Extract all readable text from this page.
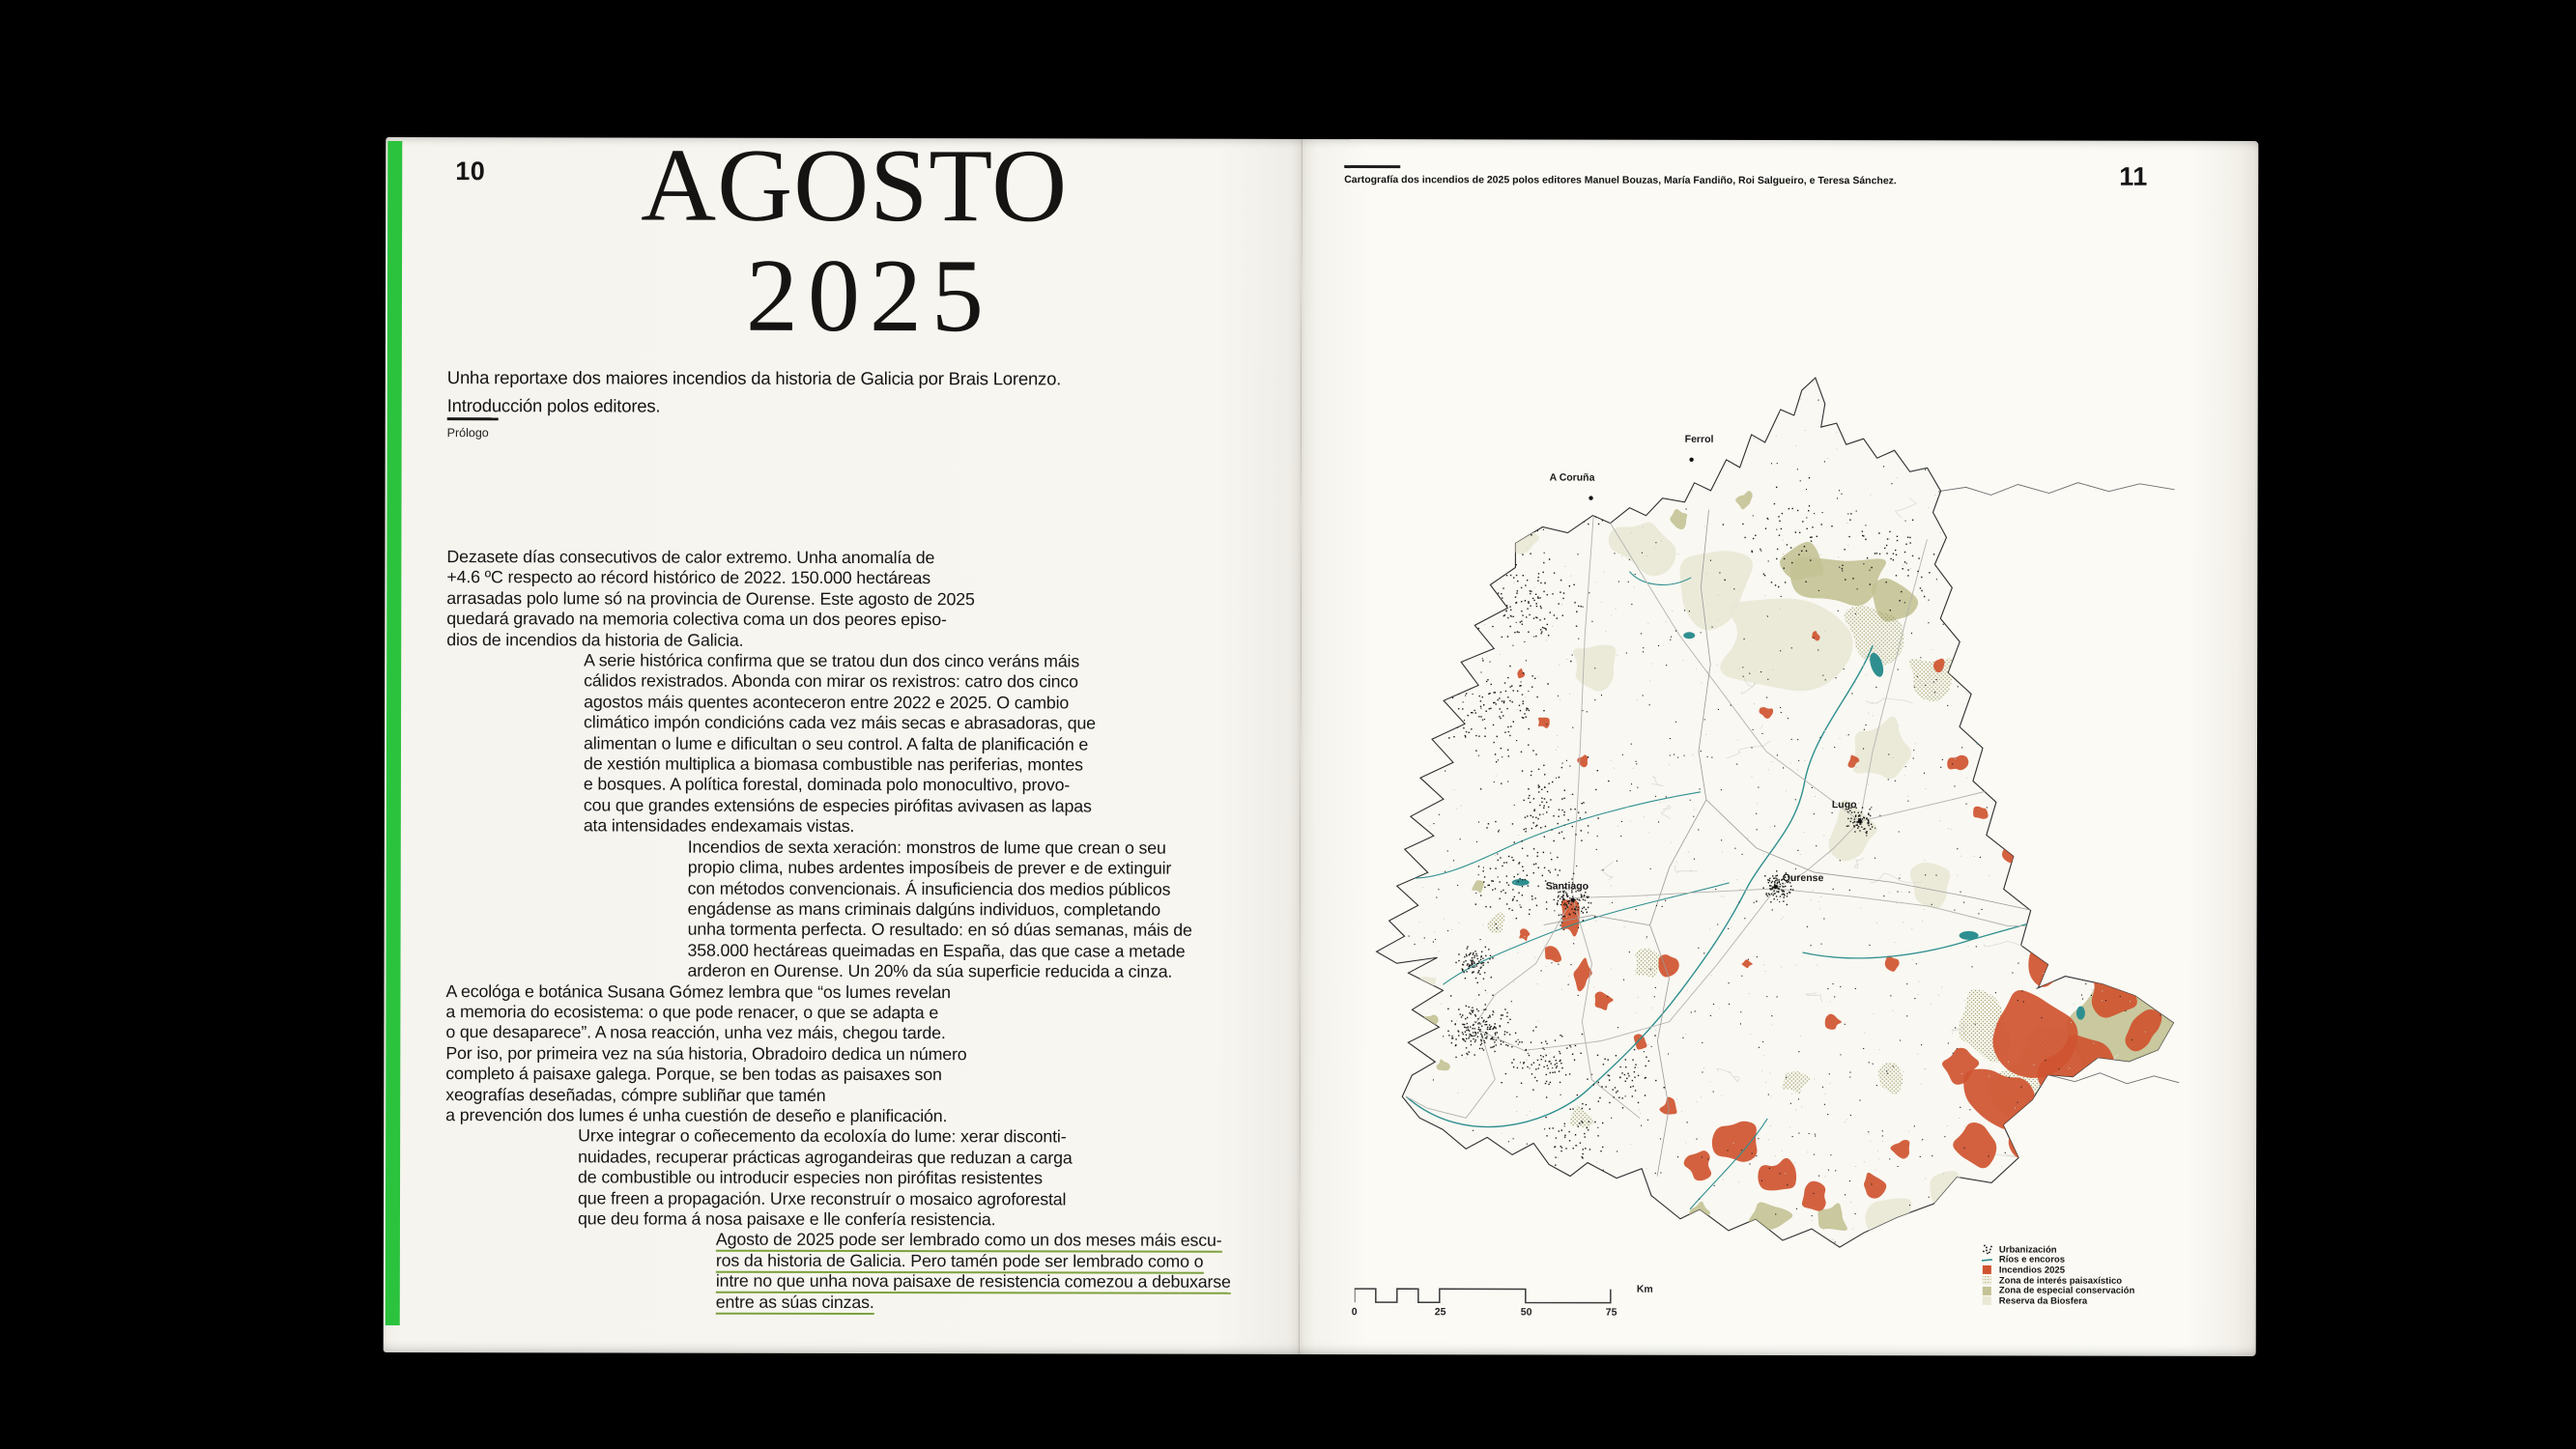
10	AGOSTO
2025
Unha reportaxe dos maiores incendios da historia de Galicia por Brais Lorenzo.
Introducción polos editores.
Prólogo
Dezasete días consecutivos de calor extremo. Unha anomalía de
+4.6 ºC respecto ao récord histórico de 2022. 150.000 hectáreas
arrasadas polo lume só na provincia de Ourense. Este agosto de 2025
quedará gravado na memoria colectiva coma un dos peores episo-
dios de incendios da historia de Galicia.
A serie histórica confirma que se tratou dun dos cinco veráns máis
cálidos rexistrados. Abonda con mirar os rexistros: catro dos cinco
agostos máis quentes aconteceron entre 2022 e 2025. O cambio
climático impón condicións cada vez máis secas e abrasadoras, que
alimentan o lume e dificultan o seu control. A falta de planificación e
de xestión multiplica a biomasa combustible nas periferias, montes
e bosques. A política forestal, dominada polo monocultivo, provo-
cou que grandes extensións de especies pirófitas avivasen as lapas
ata intensidades endexamais vistas.
Incendios de sexta xeración: monstros de lume que crean o seu
propio clima, nubes ardentes imposíbeis de prever e de extinguir
con métodos convencionais. Á insuficiencia dos medios públicos
engádense as mans criminais dalgúns individuos, completando
unha tormenta perfecta. O resultado: en só dúas semanas, máis de
358.000 hectáreas queimadas en España, das que case a metade
arderon en Ourense. Un 20% da súa superficie reducida a cinza.
A ecológa e botánica Susana Gómez lembra que “os lumes revelan
a memoria do ecosistema: o que pode renacer, o que se adapta e
o que desaparece”. A nosa reacción, unha vez máis, chegou tarde.
Por iso, por primeira vez na súa historia, Obradoiro dedica un número
completo á paisaxe galega. Porque, se ben todas as paisaxes son
xeografías deseñadas, cómpre subliñar que tamén
a prevención dos lumes é unha cuestión de deseño e planificación.
Urxe integrar o coñecemento da ecoloxía do lume: xerar disconti-
nuidades, recuperar prácticas agrogandeiras que reduzan a carga
de combustible ou introducir especies non pirófitas resistentes
que freen a propagación. Urxe reconstruír o mosaico agroforestal
que deu forma á nosa paisaxe e lle confería resistencia.
Agosto de 2025 pode ser lembrado como un dos meses máis escu-
ros da historia de Galicia. Pero tamén pode ser lembrado como o
intre no que unha nova paisaxe de resistencia comezou a debuxarse
entre as súas cinzas.
Cartografía dos incendios de 2025 polos editores Manuel Bouzas, María Fandiño, Roi Salgueiro, e Teresa Sánchez.	11
A Coruña
Ferrol
Santiago
Lugo
Ourense
Km
0	25	50	75
Urbanización
Ríos e encoros
Incendios 2025
Zona de interés paisaxístico
Zona de especial conservación
Reserva da Biosfera
